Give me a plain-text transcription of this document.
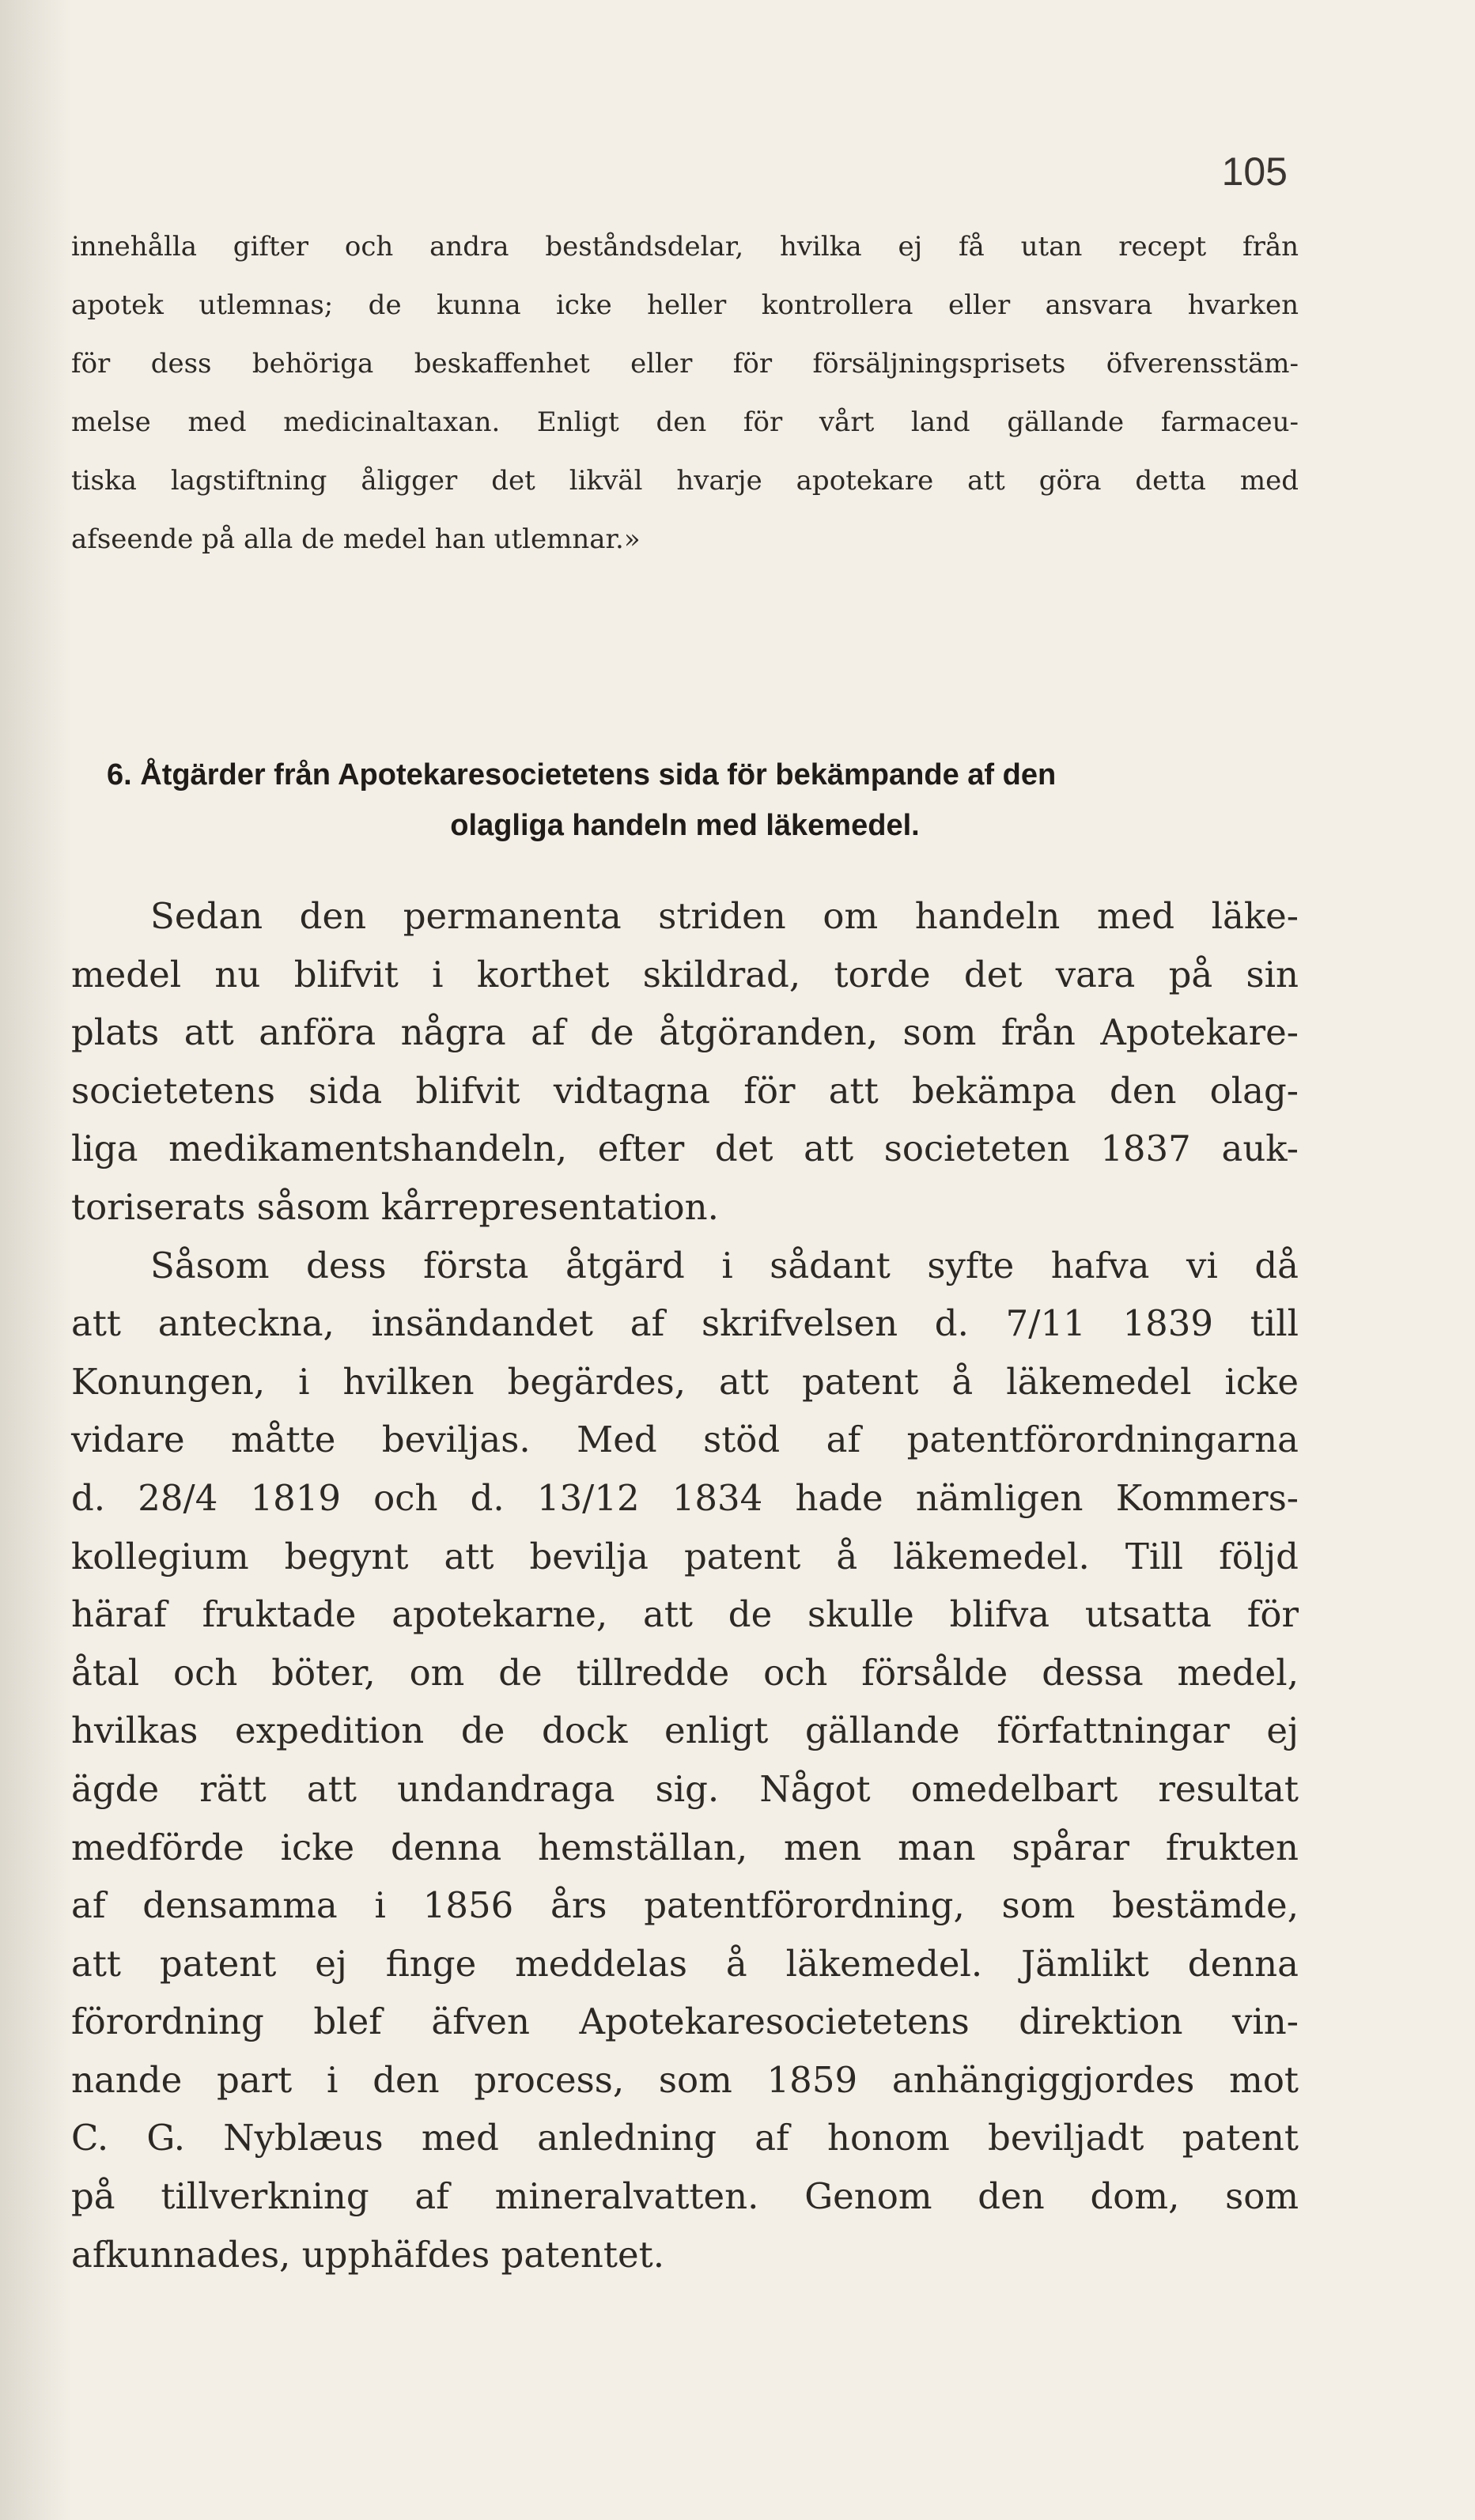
105
innehålla gifter och andra beståndsdelar, hvilka ej få utan recept från
apotek utlemnas; de kunna icke heller kontrollera eller ansvara hvarken
för dess behöriga beskaffenhet eller för försäljningsprisets öfverensstäm-
melse med medicinaltaxan. Enligt den för vårt land gällande farmaceu-
tiska lagstiftning åligger det likväl hvarje apotekare att göra detta med
afseende på alla de medel han utlemnar.»
6. Åtgärder från Apotekaresocietetens sida för bekämpande af den
olagliga handeln med läkemedel.
Sedan den permanenta striden om handeln med läke-
medel nu blifvit i korthet skildrad, torde det vara på sin
plats att anföra några af de åtgöranden, som från Apotekare-
societetens sida blifvit vidtagna för att bekämpa den olag-
liga medikamentshandeln, efter det att societeten 1837 auk-
toriserats såsom kårrepresentation.
Såsom dess första åtgärd i sådant syfte hafva vi då
att anteckna, insändandet af skrifvelsen d. 7/11 1839 till
Konungen, i hvilken begärdes, att patent å läkemedel icke
vidare måtte beviljas. Med stöd af patentförordningarna
d. 28/4 1819 och d. 13/12 1834 hade nämligen Kommers-
kollegium begynt att bevilja patent å läkemedel. Till följd
häraf fruktade apotekarne, att de skulle blifva utsatta för
åtal och böter, om de tillredde och försålde dessa medel,
hvilkas expedition de dock enligt gällande författningar ej
ägde rätt att undandraga sig. Något omedelbart resultat
medförde icke denna hemställan, men man spårar frukten
af densamma i 1856 års patentförordning, som bestämde,
att patent ej finge meddelas å läkemedel. Jämlikt denna
förordning blef äfven Apotekaresocietetens direktion vin-
nande part i den process, som 1859 anhängiggjordes mot
C. G. Nyblæus med anledning af honom beviljadt patent
på tillverkning af mineralvatten. Genom den dom, som
afkunnades, upphäfdes patentet.
